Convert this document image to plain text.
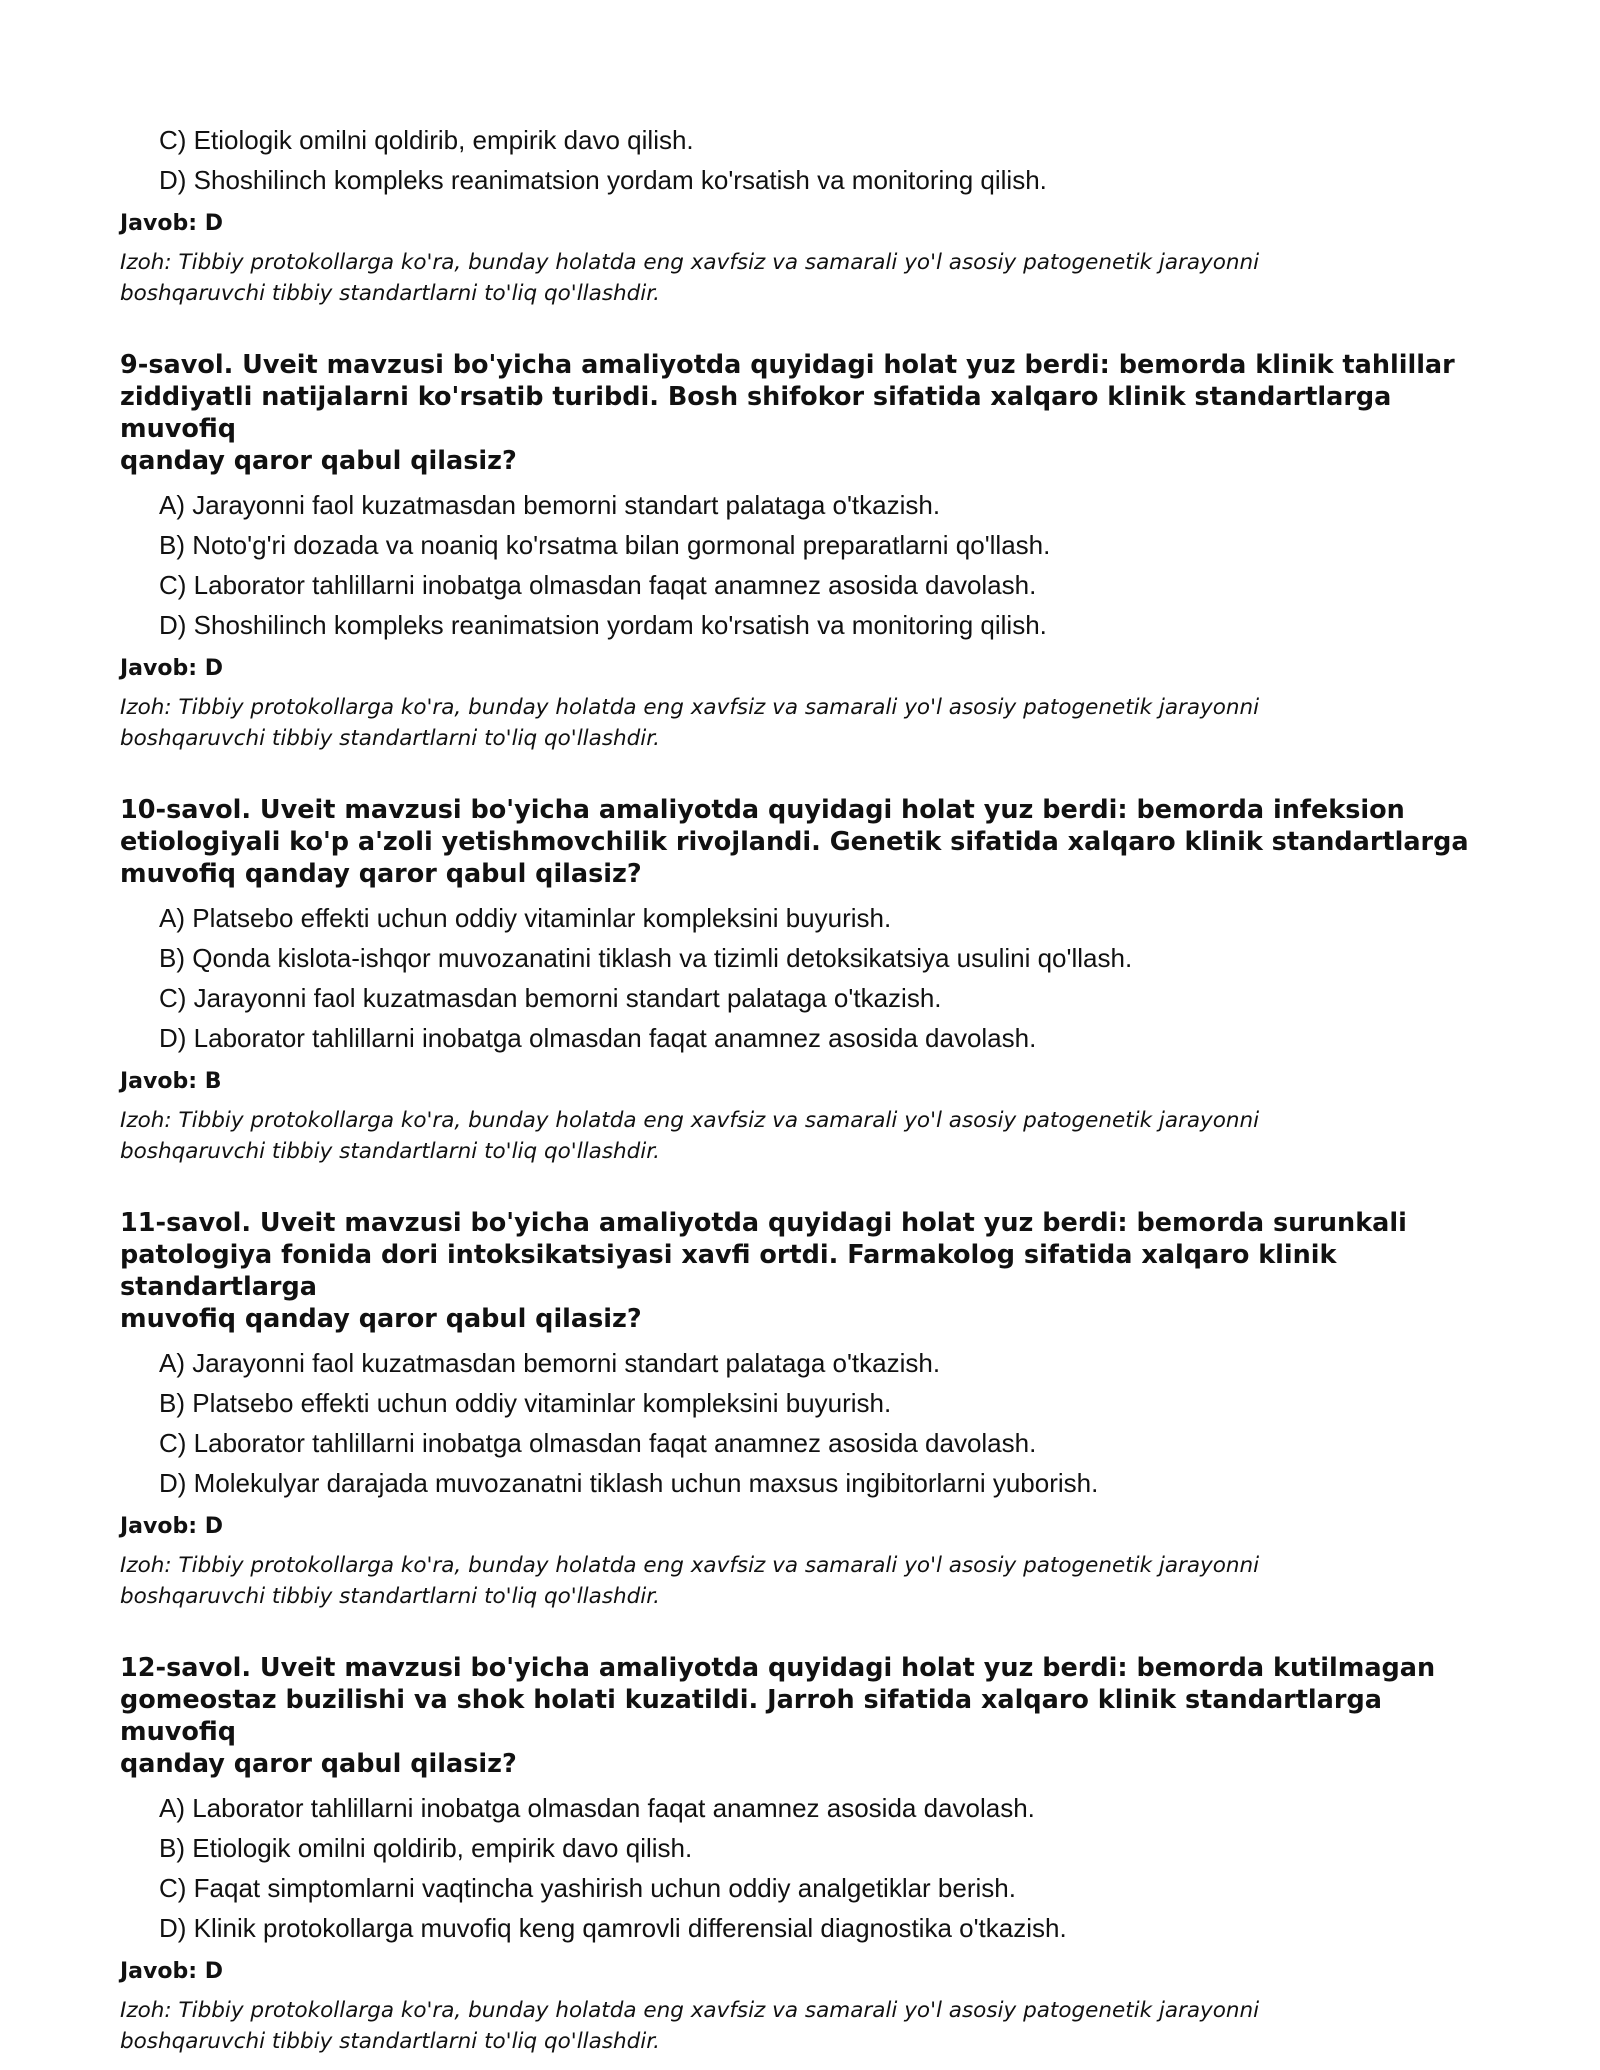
C) Etiologik omilni qoldirib, empirik davo qilish.
D) Shoshilinch kompleks reanimatsion yordam ko'rsatish va monitoring qilish.
Javob: D
Izoh: Tibbiy protokollarga ko'ra, bunday holatda eng xavfsiz va samarali yo'l asosiy patogenetik jarayonni
boshqaruvchi tibbiy standartlarni to'liq qo'llashdir.
9-savol. Uveit mavzusi bo'yicha amaliyotda quyidagi holat yuz berdi: bemorda klinik tahlillar
ziddiyatli natijalarni ko'rsatib turibdi. Bosh shifokor sifatida xalqaro klinik standartlarga muvofiq
qanday qaror qabul qilasiz?
A) Jarayonni faol kuzatmasdan bemorni standart palataga o'tkazish.
B) Noto'g'ri dozada va noaniq ko'rsatma bilan gormonal preparatlarni qo'llash.
C) Laborator tahlillarni inobatga olmasdan faqat anamnez asosida davolash.
D) Shoshilinch kompleks reanimatsion yordam ko'rsatish va monitoring qilish.
Javob: D
Izoh: Tibbiy protokollarga ko'ra, bunday holatda eng xavfsiz va samarali yo'l asosiy patogenetik jarayonni
boshqaruvchi tibbiy standartlarni to'liq qo'llashdir.
10-savol. Uveit mavzusi bo'yicha amaliyotda quyidagi holat yuz berdi: bemorda infeksion
etiologiyali ko'p a'zoli yetishmovchilik rivojlandi. Genetik sifatida xalqaro klinik standartlarga
muvofiq qanday qaror qabul qilasiz?
A) Platsebo effekti uchun oddiy vitaminlar kompleksini buyurish.
B) Qonda kislota-ishqor muvozanatini tiklash va tizimli detoksikatsiya usulini qo'llash.
C) Jarayonni faol kuzatmasdan bemorni standart palataga o'tkazish.
D) Laborator tahlillarni inobatga olmasdan faqat anamnez asosida davolash.
Javob: B
Izoh: Tibbiy protokollarga ko'ra, bunday holatda eng xavfsiz va samarali yo'l asosiy patogenetik jarayonni
boshqaruvchi tibbiy standartlarni to'liq qo'llashdir.
11-savol. Uveit mavzusi bo'yicha amaliyotda quyidagi holat yuz berdi: bemorda surunkali
patologiya fonida dori intoksikatsiyasi xavfi ortdi. Farmakolog sifatida xalqaro klinik standartlarga
muvofiq qanday qaror qabul qilasiz?
A) Jarayonni faol kuzatmasdan bemorni standart palataga o'tkazish.
B) Platsebo effekti uchun oddiy vitaminlar kompleksini buyurish.
C) Laborator tahlillarni inobatga olmasdan faqat anamnez asosida davolash.
D) Molekulyar darajada muvozanatni tiklash uchun maxsus ingibitorlarni yuborish.
Javob: D
Izoh: Tibbiy protokollarga ko'ra, bunday holatda eng xavfsiz va samarali yo'l asosiy patogenetik jarayonni
boshqaruvchi tibbiy standartlarni to'liq qo'llashdir.
12-savol. Uveit mavzusi bo'yicha amaliyotda quyidagi holat yuz berdi: bemorda kutilmagan
gomeostaz buzilishi va shok holati kuzatildi. Jarroh sifatida xalqaro klinik standartlarga muvofiq
qanday qaror qabul qilasiz?
A) Laborator tahlillarni inobatga olmasdan faqat anamnez asosida davolash.
B) Etiologik omilni qoldirib, empirik davo qilish.
C) Faqat simptomlarni vaqtincha yashirish uchun oddiy analgetiklar berish.
D) Klinik protokollarga muvofiq keng qamrovli differensial diagnostika o'tkazish.
Javob: D
Izoh: Tibbiy protokollarga ko'ra, bunday holatda eng xavfsiz va samarali yo'l asosiy patogenetik jarayonni
boshqaruvchi tibbiy standartlarni to'liq qo'llashdir.
